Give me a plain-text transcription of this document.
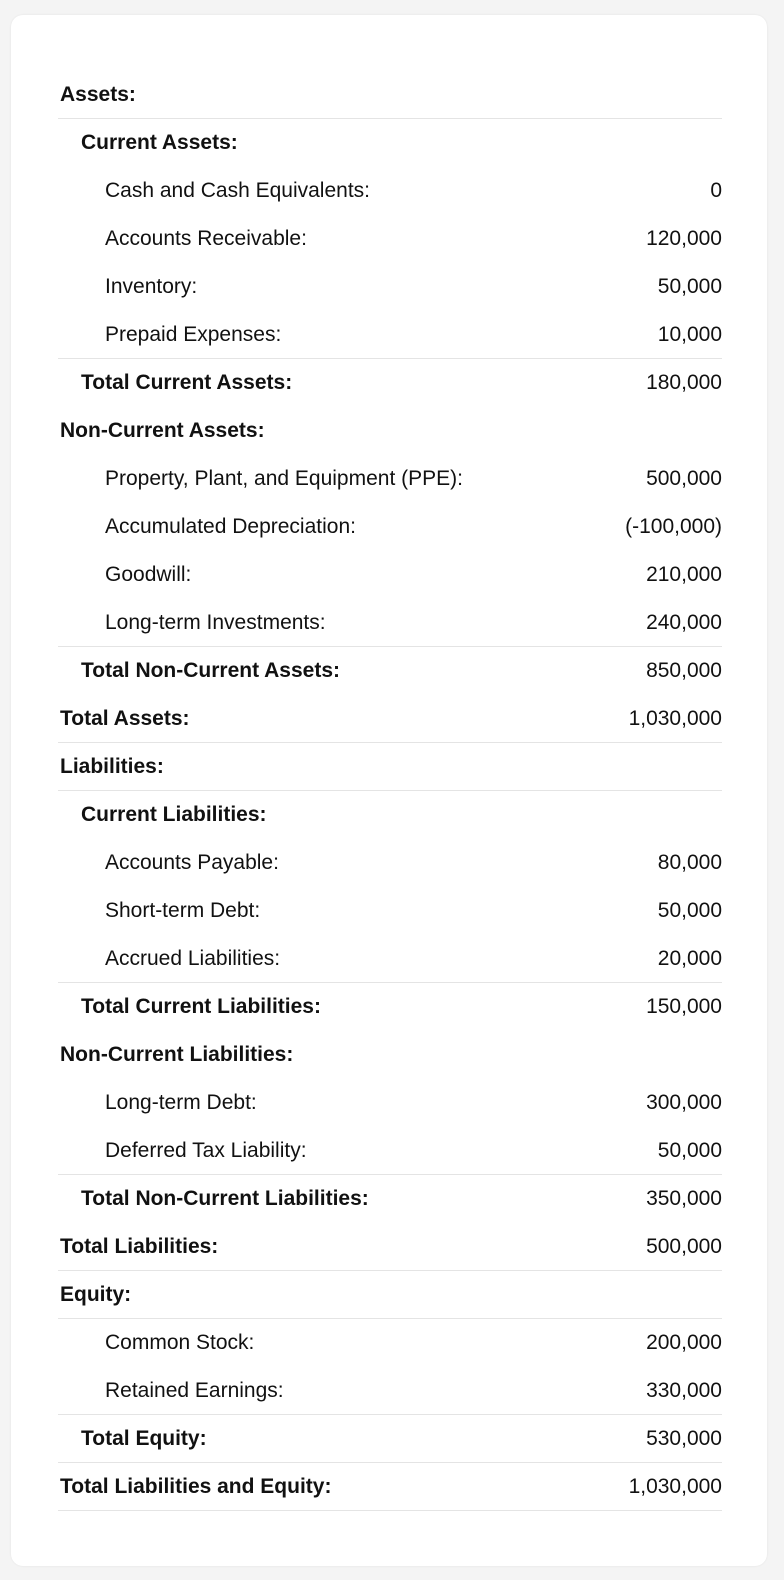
Assets:
Current Assets:
Cash and Cash Equivalents:	0
Accounts Receivable:	120,000
Inventory:	50,000
Prepaid Expenses:	10,000
Total Current Assets:	180,000
Non-Current Assets:
Property, Plant, and Equipment (PPE):	500,000
Accumulated Depreciation:	(-100,000)
Goodwill:	210,000
Long-term Investments:	240,000
Total Non-Current Assets:	850,000
Total Assets:	1,030,000
Liabilities:
Current Liabilities:
Accounts Payable:	80,000
Short-term Debt:	50,000
Accrued Liabilities:	20,000
Total Current Liabilities:	150,000
Non-Current Liabilities:
Long-term Debt:	300,000
Deferred Tax Liability:	50,000
Total Non-Current Liabilities:	350,000
Total Liabilities:	500,000
Equity:
Common Stock:	200,000
Retained Earnings:	330,000
Total Equity:	530,000
Total Liabilities and Equity:	1,030,000
